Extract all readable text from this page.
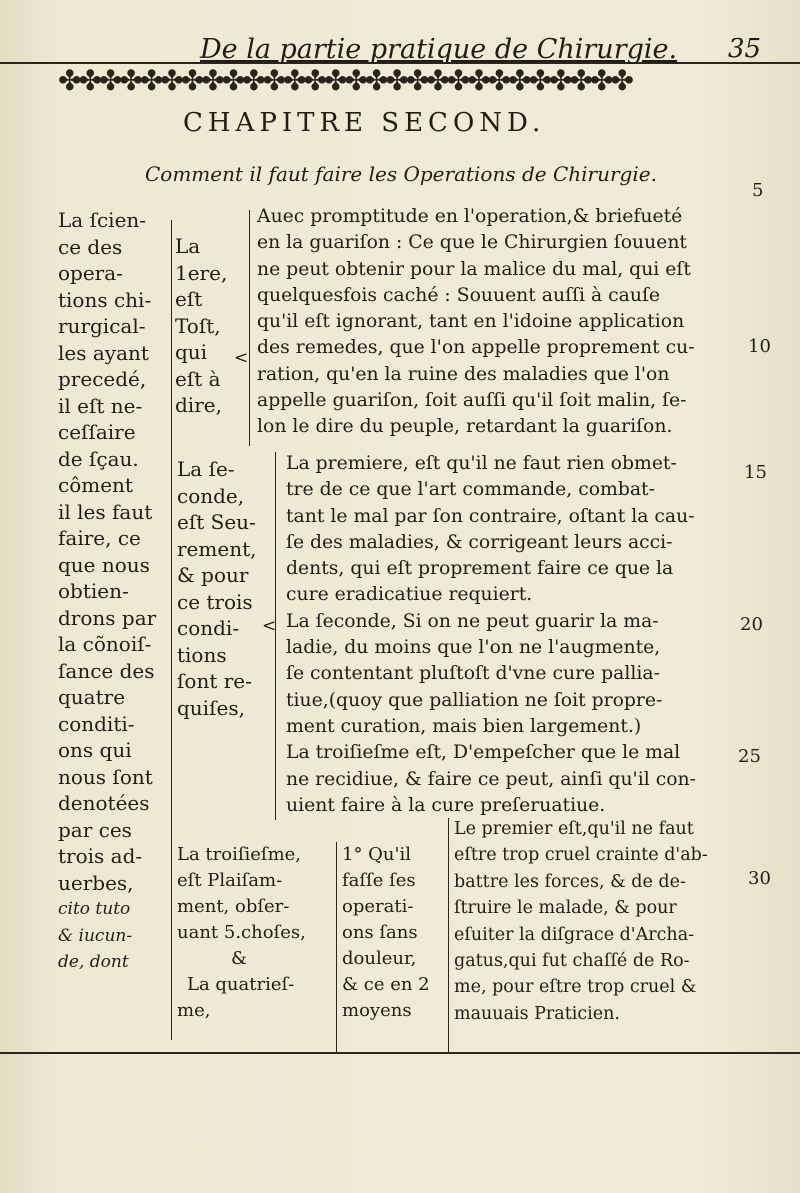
De la partie pratique de Chirurgie. 35
✤✤✤✤✤✤✤✤✤✤✤✤✤✤✤✤✤✤✤✤✤✤✤✤✤✤✤✤
CHAPITRE SECOND.
Comment il faut faire les Operations de Chirurgie.
5
10
15
20
25
30
La ſcien-
ce des
opera-
tions chi-
rurgical-
les ayant
precedé,
il eſt ne-
ceſſaire
de ſçau.
côment
il les faut
faire, ce
que nous
obtien-
drons par
la cõnoiſ-
ſance des
quatre
conditi-
ons qui
nous ſont
denotées
par ces
trois ad-
uerbes,
cito tuto
& iucun-
de, dont
La
1ere,
eſt
Toſt,
qui
eſt à
dire,
<
Auec promptitude en l'operation,& briefueté
en la guariſon : Ce que le Chirurgien ſouuent
ne peut obtenir pour la malice du mal, qui eſt
quelquesfois caché : Souuent auſſi à cauſe
qu'il eſt ignorant, tant en l'idoine application
des remedes, que l'on appelle proprement cu-
ration, qu'en la ruine des maladies que l'on
appelle guariſon, ſoit auſſi qu'il ſoit malin, ſe-
lon le dire du peuple, retardant la guariſon.
La ſe-
conde,
eſt Seu-
rement,
& pour
ce trois
condi-
tions
ſont re-
quiſes,
<
La premiere, eſt qu'il ne faut rien obmet-
tre de ce que l'art commande, combat-
tant le mal par ſon contraire, oſtant la cau-
ſe des maladies, & corrigeant leurs acci-
dents, qui eſt proprement faire ce que la
cure eradicatiue requiert.
La ſeconde, Si on ne peut guarir la ma-
ladie, du moins que l'on ne l'augmente,
ſe contentant pluſtoſt d'vne cure pallia-
tiue,(quoy que palliation ne ſoit propre-
ment curation, mais bien largement.)
La troiſieſme eſt, D'empeſcher que le mal
ne recidiue, & faire ce peut, ainſi qu'il con-
uient faire à la cure preſeruatiue.
La troiſieſme,
eſt Plaiſam-
ment, obſer-
uant 5.choſes,
&
La quatrieſ-
me,
1° Qu'il
faſſe ſes
operati-
ons ſans
douleur,
& ce en 2
moyens
Le premier eſt,qu'il ne faut
eſtre trop cruel crainte d'ab-
battre les forces, & de de-
ſtruire le malade, & pour
eſuiter la diſgrace d'Archa-
gatus,qui fut chaſſé de Ro-
me, pour eſtre trop cruel &
mauuais Praticien.
